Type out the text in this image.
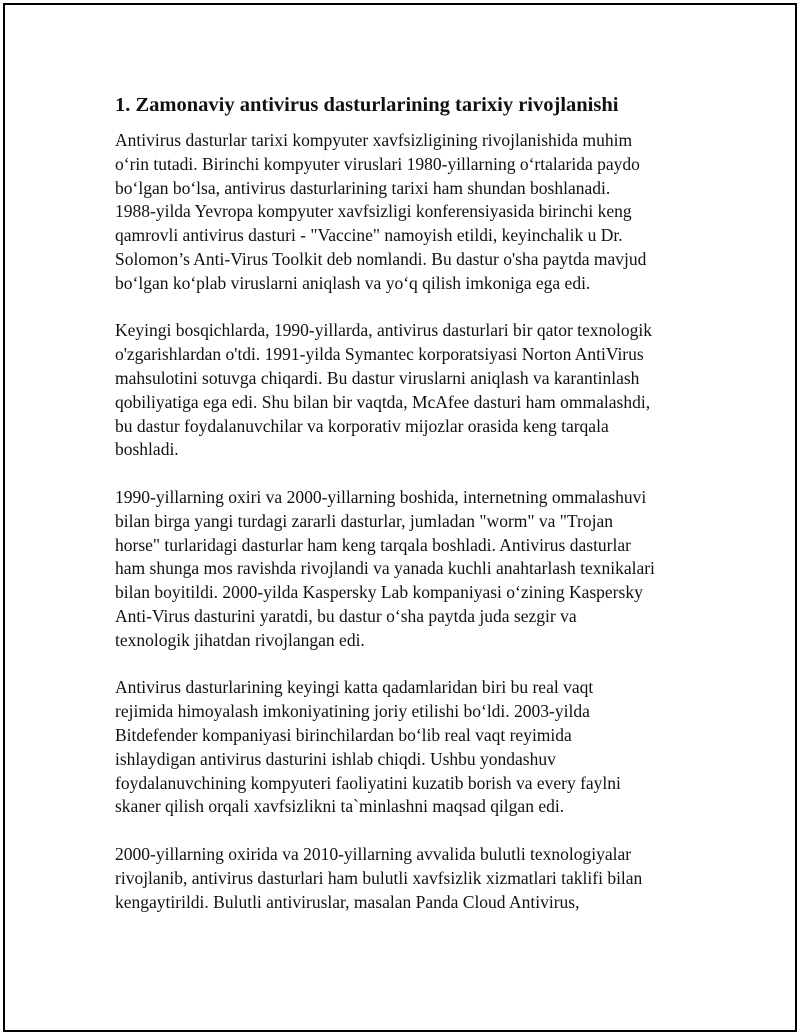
1. Zamonaviy antivirus dasturlarining tarixiy rivojlanishi

Antivirus dasturlar tarixi kompyuter xavfsizligining rivojlanishida muhim
o‘rin tutadi. Birinchi kompyuter viruslari 1980-yillarning o‘rtalarida paydo
bo‘lgan bo‘lsa, antivirus dasturlarining tarixi ham shundan boshlanadi.
1988-yilda Yevropa kompyuter xavfsizligi konferensiyasida birinchi keng
qamrovli antivirus dasturi - "Vaccine" namoyish etildi, keyinchalik u Dr.
Solomon’s Anti-Virus Toolkit deb nomlandi. Bu dastur o'sha paytda mavjud
bo‘lgan ko‘plab viruslarni aniqlash va yo‘q qilish imkoniga ega edi.

Keyingi bosqichlarda, 1990-yillarda, antivirus dasturlari bir qator texnologik
o'zgarishlardan o'tdi. 1991-yilda Symantec korporatsiyasi Norton AntiVirus
mahsulotini sotuvga chiqardi. Bu dastur viruslarni aniqlash va karantinlash
qobiliyatiga ega edi. Shu bilan bir vaqtda, McAfee dasturi ham ommalashdi,
bu dastur foydalanuvchilar va korporativ mijozlar orasida keng tarqala
boshladi.

1990-yillarning oxiri va 2000-yillarning boshida, internetning ommalashuvi
bilan birga yangi turdagi zararli dasturlar, jumladan "worm" va "Trojan
horse" turlaridagi dasturlar ham keng tarqala boshladi. Antivirus dasturlar
ham shunga mos ravishda rivojlandi va yanada kuchli anahtarlash texnikalari
bilan boyitildi. 2000-yilda Kaspersky Lab kompaniyasi o‘zining Kaspersky
Anti-Virus dasturini yaratdi, bu dastur o‘sha paytda juda sezgir va
texnologik jihatdan rivojlangan edi.

Antivirus dasturlarining keyingi katta qadamlaridan biri bu real vaqt
rejimida himoyalash imkoniyatining joriy etilishi bo‘ldi. 2003-yilda
Bitdefender kompaniyasi birinchilardan bo‘lib real vaqt reyimida
ishlaydigan antivirus dasturini ishlab chiqdi. Ushbu yondashuv
foydalanuvchining kompyuteri faoliyatini kuzatib borish va every faylni
skaner qilish orqali xavfsizlikni ta`minlashni maqsad qilgan edi.

2000-yillarning oxirida va 2010-yillarning avvalida bulutli texnologiyalar
rivojlanib, antivirus dasturlari ham bulutli xavfsizlik xizmatlari taklifi bilan
kengaytirildi. Bulutli antiviruslar, masalan Panda Cloud Antivirus,
